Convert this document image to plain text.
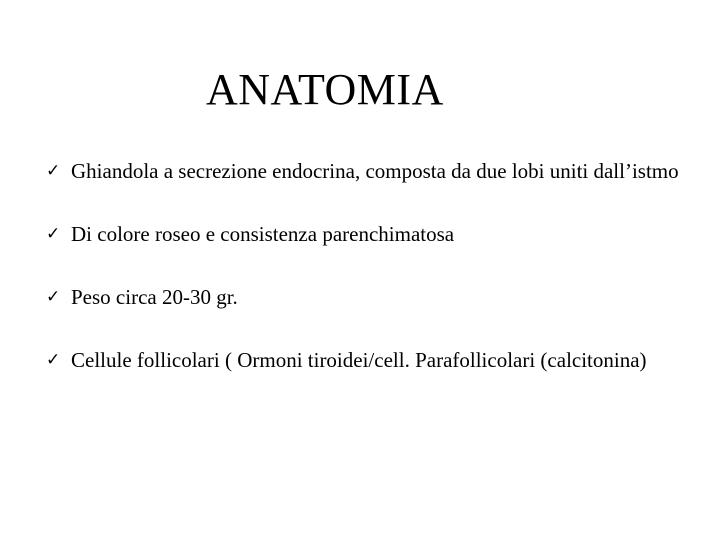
ANATOMIA
✓ Ghiandola a secrezione endocrina, composta da due lobi uniti dall’istmo
✓ Di colore roseo e consistenza parenchimatosa
✓ Peso circa 20-30 gr.
✓ Cellule follicolari ( Ormoni tiroidei/cell. Parafollicolari (calcitonina)
